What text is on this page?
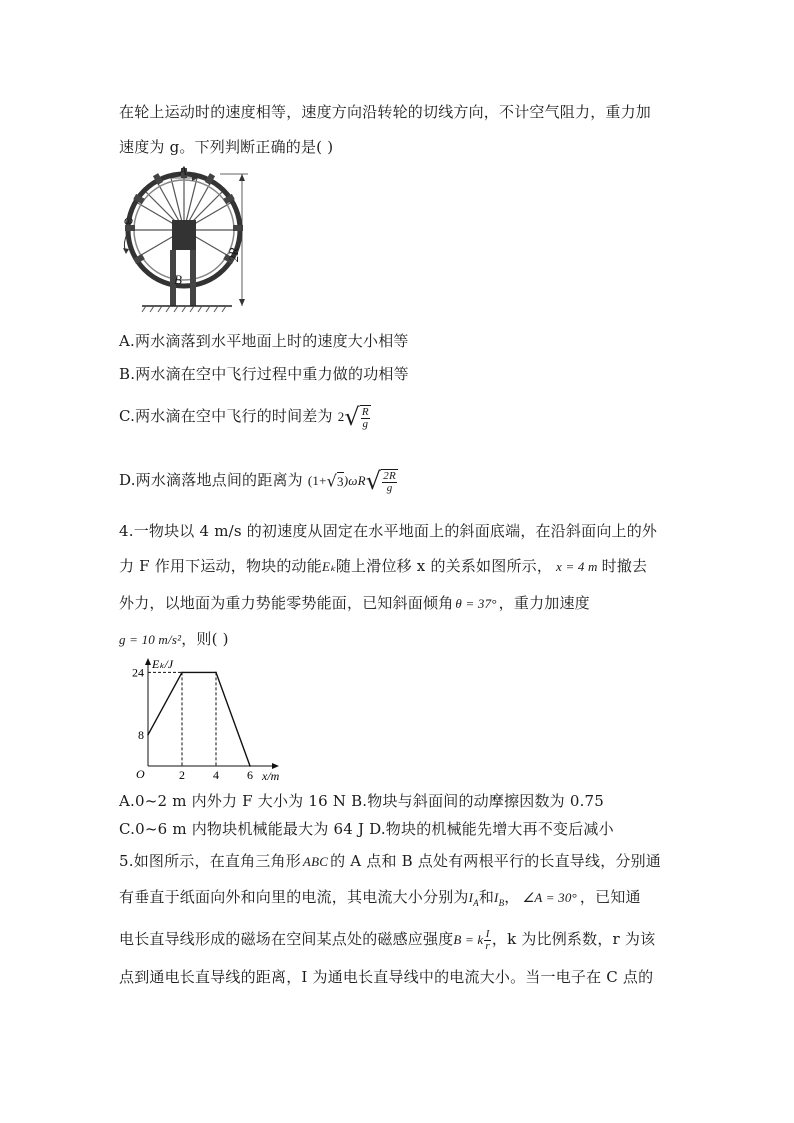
在轮上运动时的速度相等，速度方向沿转轮的切线方向，不计空气阻力，重力加
速度为 g。下列判断正确的是( )
A
B
ω
2R
A.两水滴落到水平地面上时的速度大小相等
B.两水滴在空中飞行过程中重力做的功相等
C.两水滴在空中飞行的时间差为 $2√ \frac{R}{g}$
D.两水滴落地点间的距离为 $(1+√3)\omega R√ \frac{2R}{g}$
4.一物块以 4 m/s 的初速度从固定在水平地面上的斜面底端，在沿斜面向上的外
力 F 作用下运动，物块的动能Eₖ随上滑位移 x 的关系如图所示， x = 4 m 时撤去
外力，以地面为重力势能零势能面，已知斜面倾角 θ = 37° ，重力加速度
g = 10 m/s²，则( )
2 4 6
8
24
O	x/m
Eₖ/J
A.0~2 m 内外力 F 大小为 16 N B.物块与斜面间的动摩擦因数为 0.75
C.0~6 m 内物块机械能最大为 64 J D.物块的机械能先增大再不变后减小
5.如图所示，在直角三角形 ABC 的 A 点和 B 点处有两根平行的长直导线，分别通
有垂直于纸面向外和向里的电流，其电流大小分别为$I_A$和$I_B$， ∠A = 30° ，已知通
电长直导线形成的磁场在空间某点处的磁感应强度B = k $\frac{I}{r}$ ，k 为比例系数，r 为该
点到通电长直导线的距离，I 为通电长直导线中的电流大小。当一电子在 C 点的
